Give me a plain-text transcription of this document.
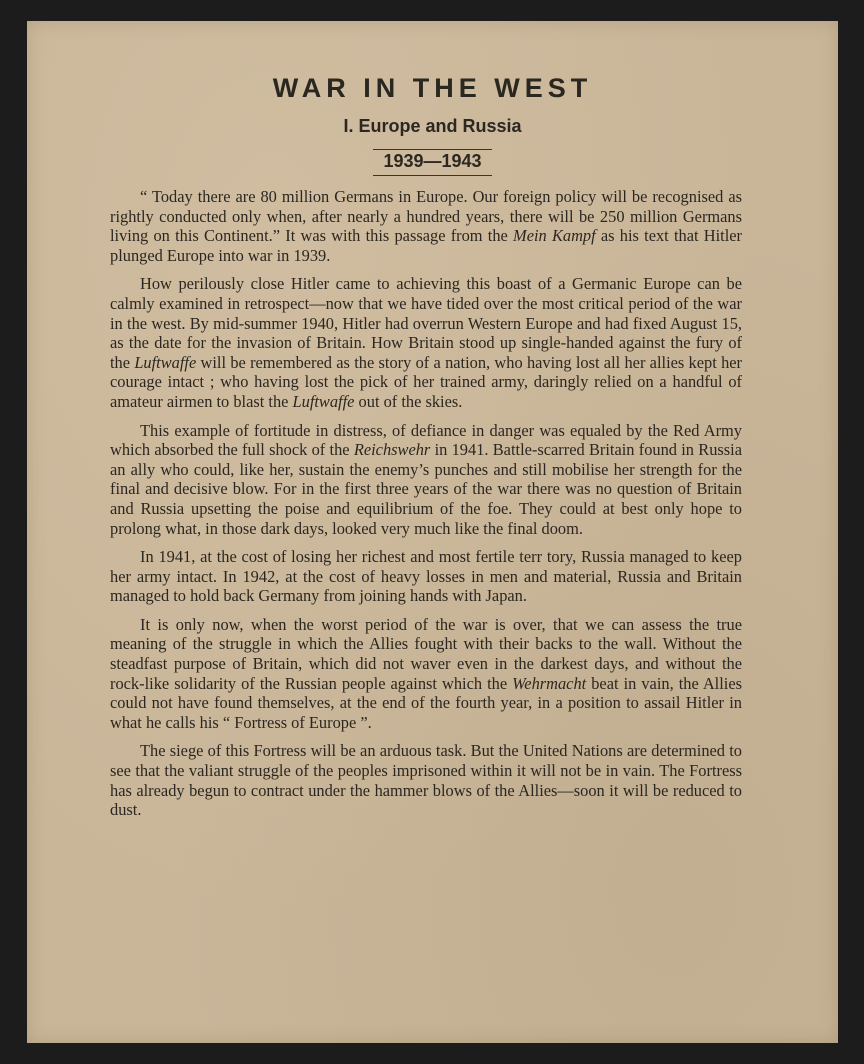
WAR IN THE WEST
I. Europe and Russia
1939—1943

“ Today there are 80 million Germans in Europe. Our foreign policy will be recognised as rightly conducted only when, after nearly a hundred years, there will be 250 million Germans living on this Continent.” It was with this passage from the Mein Kampf as his text that Hitler plunged Europe into war in 1939.

How perilously close Hitler came to achieving this boast of a Germanic Europe can be calmly examined in retrospect—now that we have tided over the most critical period of the war in the west. By mid-summer 1940, Hitler had overrun Western Europe and had fixed August 15, as the date for the invasion of Britain. How Britain stood up single-handed against the fury of the Luftwaffe will be remembered as the story of a nation, who having lost all her allies kept her courage intact ; who having lost the pick of her trained army, daringly relied on a handful of amateur airmen to blast the Luftwaffe out of the skies.

This example of fortitude in distress, of defiance in danger was equaled by the Red Army which absorbed the full shock of the Reichswehr in 1941. Battle-scarred Britain found in Russia an ally who could, like her, sustain the enemy’s punches and still mobilise her strength for the final and decisive blow. For in the first three years of the war there was no question of Britain and Russia upsetting the poise and equilibrium of the foe. They could at best only hope to prolong what, in those dark days, looked very much like the final doom.

In 1941, at the cost of losing her richest and most fertile terr tory, Russia managed to keep her army intact. In 1942, at the cost of heavy losses in men and material, Russia and Britain managed to hold back Germany from joining hands with Japan.

It is only now, when the worst period of the war is over, that we can assess the true meaning of the struggle in which the Allies fought with their backs to the wall. Without the steadfast purpose of Britain, which did not waver even in the darkest days, and without the rock-like solidarity of the Russian people against which the Wehrmacht beat in vain, the Allies could not have found themselves, at the end of the fourth year, in a position to assail Hitler in what he calls his “ Fortress of Europe ”.

The siege of this Fortress will be an arduous task. But the United Nations are determined to see that the valiant struggle of the peoples imprisoned within it will not be in vain. The Fortress has already begun to contract under the hammer blows of the Allies—soon it will be reduced to dust.
